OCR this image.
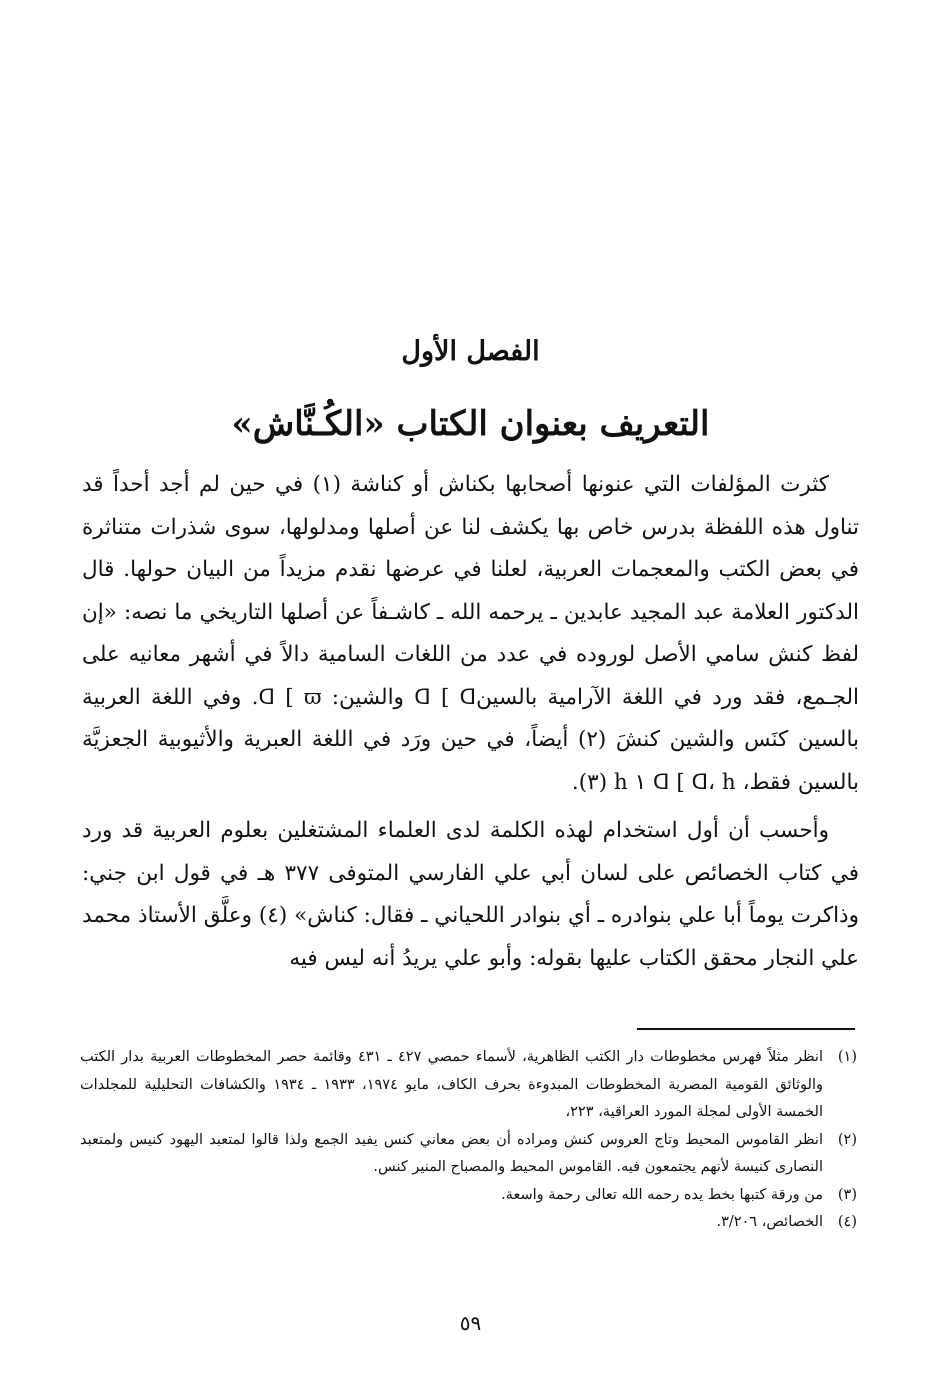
الفصل الأول
التعريف بعنوان الكتاب «الكُـنَّاش»

كثرت المؤلفات التي عنونها أصحابها بكناش أو كناشة (١) في حين لم أجد أحداً قد تناول هذه اللفظة بدرس خاص بها يكشف لنا عن أصلها ومدلولها، سوى شذرات متناثرة في بعض الكتب والمعجمات العربية، لعلنا في عرضها نقدم مزيداً من البيان حولها. قال الدكتور العلامة عبد المجيد عابدين ـ يرحمه الله ـ كاشـفاً عن أصلها التاريخي ما نصه: «إن لفظ كنش سامي الأصل لوروده في عدد من اللغات السامية دالاً في أشهر معانيه على الجـمع، فقد ورد في اللغة الآرامية بالسينꓷ [ ꓷ والشين: ꓷ [ ϖ. وفي اللغة العربية بالسين كنَس والشين كنشَ (٢) أيضاً، في حين ورَد في اللغة العبرية والأثيوبية الجعزيَّة بالسين فقط، ꓷ [ ꓷ، h ١ h (٣).

وأحسب أن أول استخدام لهذه الكلمة لدى العلماء المشتغلين بعلوم العربية قد ورد في كتاب الخصائص على لسان أبي علي الفارسي المتوفى ٣٧٧ هـ في قول ابن جني: وذاكرت يوماً أبا علي بنوادره ـ أي بنوادر اللحياني ـ فقال: كناش» (٤) وعلَّق الأستاذ محمد علي النجار محقق الكتاب عليها بقوله: وأبو علي يريدُ أنه ليس فيه

(١)
انظر مثلاً فهرس مخطوطات دار الكتب الظاهرية، لأسماء حمصي ٤٢٧ ـ ٤٣١ وقائمة حصر المخطوطات العربية بدار الكتب والوثائق القومية المصرية المخطوطات المبدوءة بحرف الكاف، مايو ١٩٧٤، ١٩٣٣ ـ ١٩٣٤ والكشافات التحليلية للمجلدات الخمسة الأولى لمجلة المورد العراقية، ٢٢٣،
(٢)
انظر القاموس المحيط وتاج العروس كنش ومراده أن بعض معاني كنس يفيد الجمع ولذا قالوا لمتعبد اليهود كنيس ولمتعبد النصارى كنيسة لأنهم يجتمعون فيه. القاموس المحيط والمصباح المنير كنس.
(٣)
من ورقة كتبها بخط يده رحمه الله تعالى رحمة واسعة.
(٤)
الخصائص، ٣/٢٠٦.
٥٩
